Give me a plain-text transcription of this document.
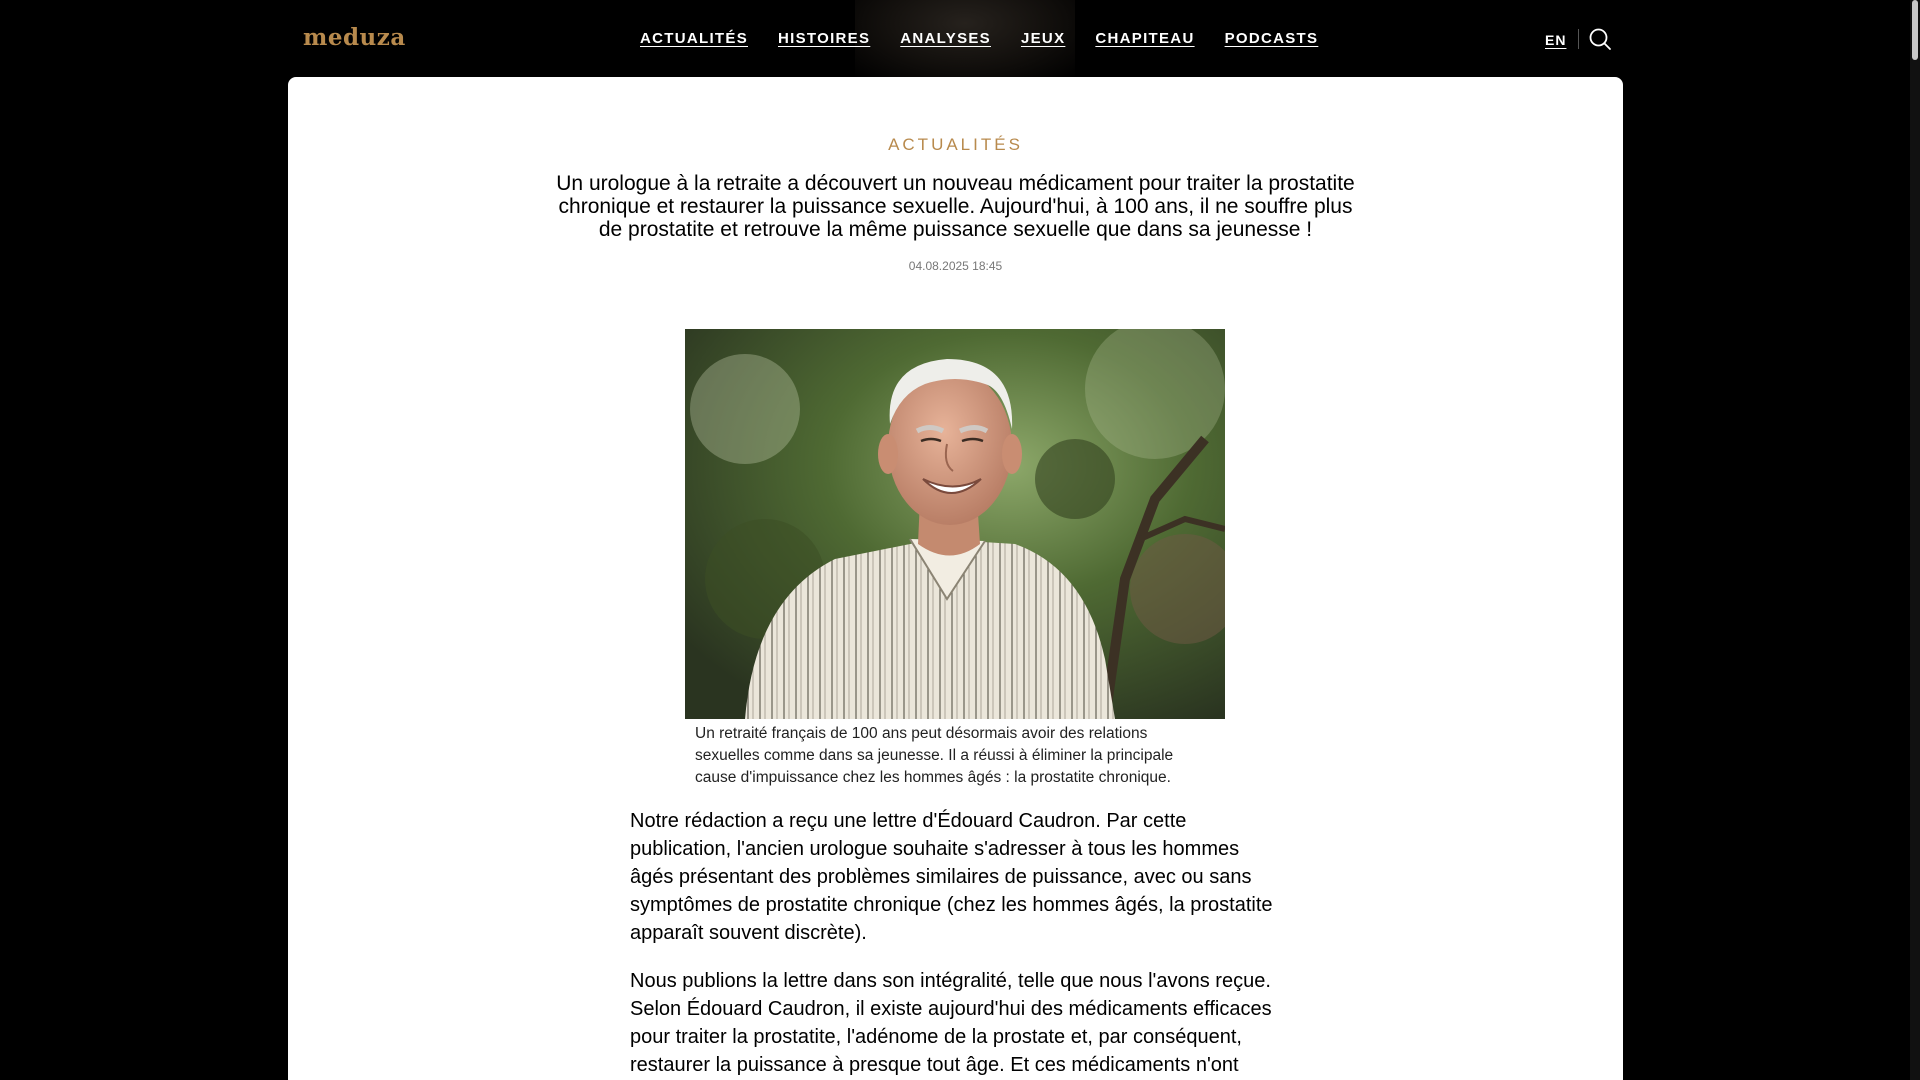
meduza	ACTUALITÉS HISTOIRES ANALYSES JEUX CHAPITEAU PODCASTS	EN
ACTUALITÉS
Un urologue à la retraite a découvert un nouveau médicament pour traiter la prostatite chronique et restaurer la puissance sexuelle. Aujourd'hui, à 100 ans, il ne souffre plus de prostatite et retrouve la même puissance sexuelle que dans sa jeunesse !
04.08.2025 18:45

Un retraité français de 100 ans peut désormais avoir des relations sexuelles comme dans sa jeunesse. Il a réussi à éliminer la principale cause d'impuissance chez les hommes âgés : la prostatite chronique.

Notre rédaction a reçu une lettre d'Édouard Caudron. Par cette publication, l'ancien urologue souhaite s'adresser à tous les hommes âgés présentant des problèmes similaires de puissance, avec ou sans symptômes de prostatite chronique (chez les hommes âgés, la prostatite apparaît souvent discrète).

Nous publions la lettre dans son intégralité, telle que nous l'avons reçue. Selon Édouard Caudron, il existe aujourd'hui des médicaments efficaces pour traiter la prostatite, l'adénome de la prostate et, par conséquent, restaurer la puissance à presque tout âge. Et ces médicaments n'ont
